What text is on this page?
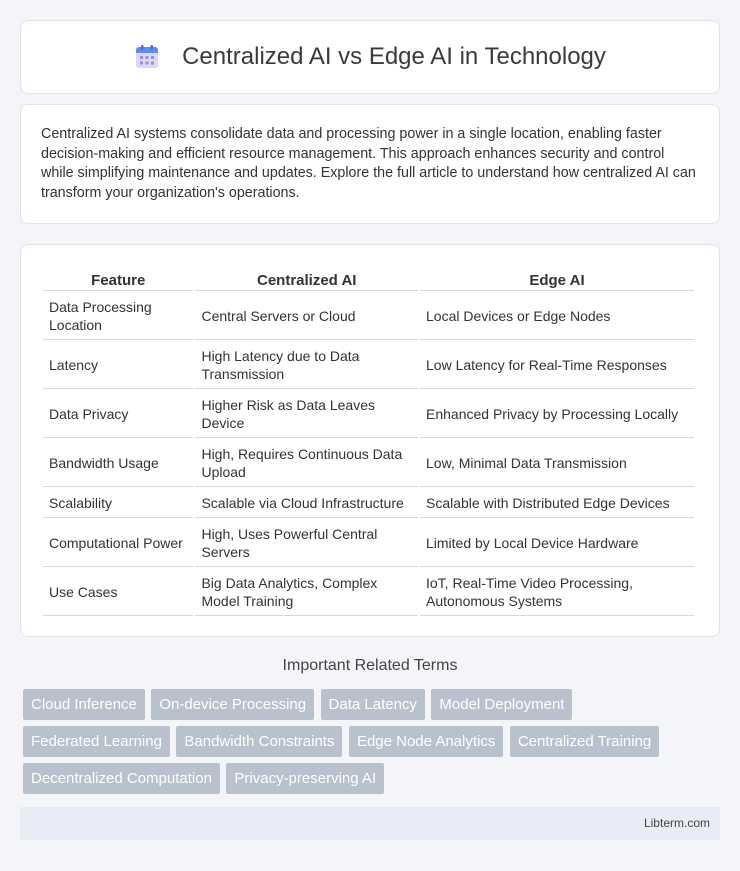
Centralized AI vs Edge AI in Technology

Centralized AI systems consolidate data and processing power in a single location, enabling faster decision-making and efficient resource management. This approach enhances security and control while simplifying maintenance and updates. Explore the full article to understand how centralized AI can transform your organization's operations.

Feature	Centralized AI	Edge AI
Data Processing Location	Central Servers or Cloud	Local Devices or Edge Nodes
Latency	High Latency due to Data Transmission	Low Latency for Real-Time Responses
Data Privacy	Higher Risk as Data Leaves Device	Enhanced Privacy by Processing Locally
Bandwidth Usage	High, Requires Continuous Data Upload	Low, Minimal Data Transmission
Scalability	Scalable via Cloud Infrastructure	Scalable with Distributed Edge Devices
Computational Power	High, Uses Powerful Central Servers	Limited by Local Device Hardware
Use Cases	Big Data Analytics, Complex Model Training	IoT, Real-Time Video Processing, Autonomous Systems
Important Related Terms
Cloud Inference On-device Processing Data Latency Model Deployment Federated Learning Bandwidth Constraints Edge Node Analytics Centralized Training Decentralized Computation Privacy-preserving AI
Libterm.com
